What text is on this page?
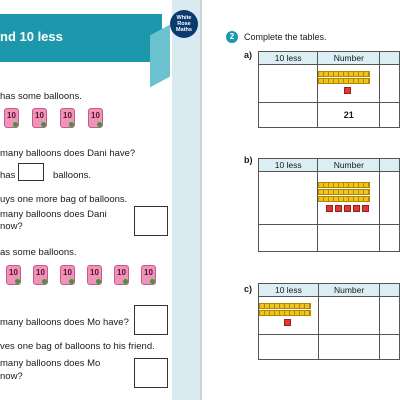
nd 10 less
has some balloons.
10 10 10 10
many balloons does Dani have?
has	balloons.
uys one more bag of balloons.
many balloons does Dani
now?
as some balloons.
10 10 10 10 10 10
many balloons does Mo have?
ves one bag of balloons to his friend.
many balloons does Mo
now?
White
Rose
Maths
2	Complete the tables.
a)	10 less	Number	

	21	
b)	10 less	Number	

c)	10 less	Number	
